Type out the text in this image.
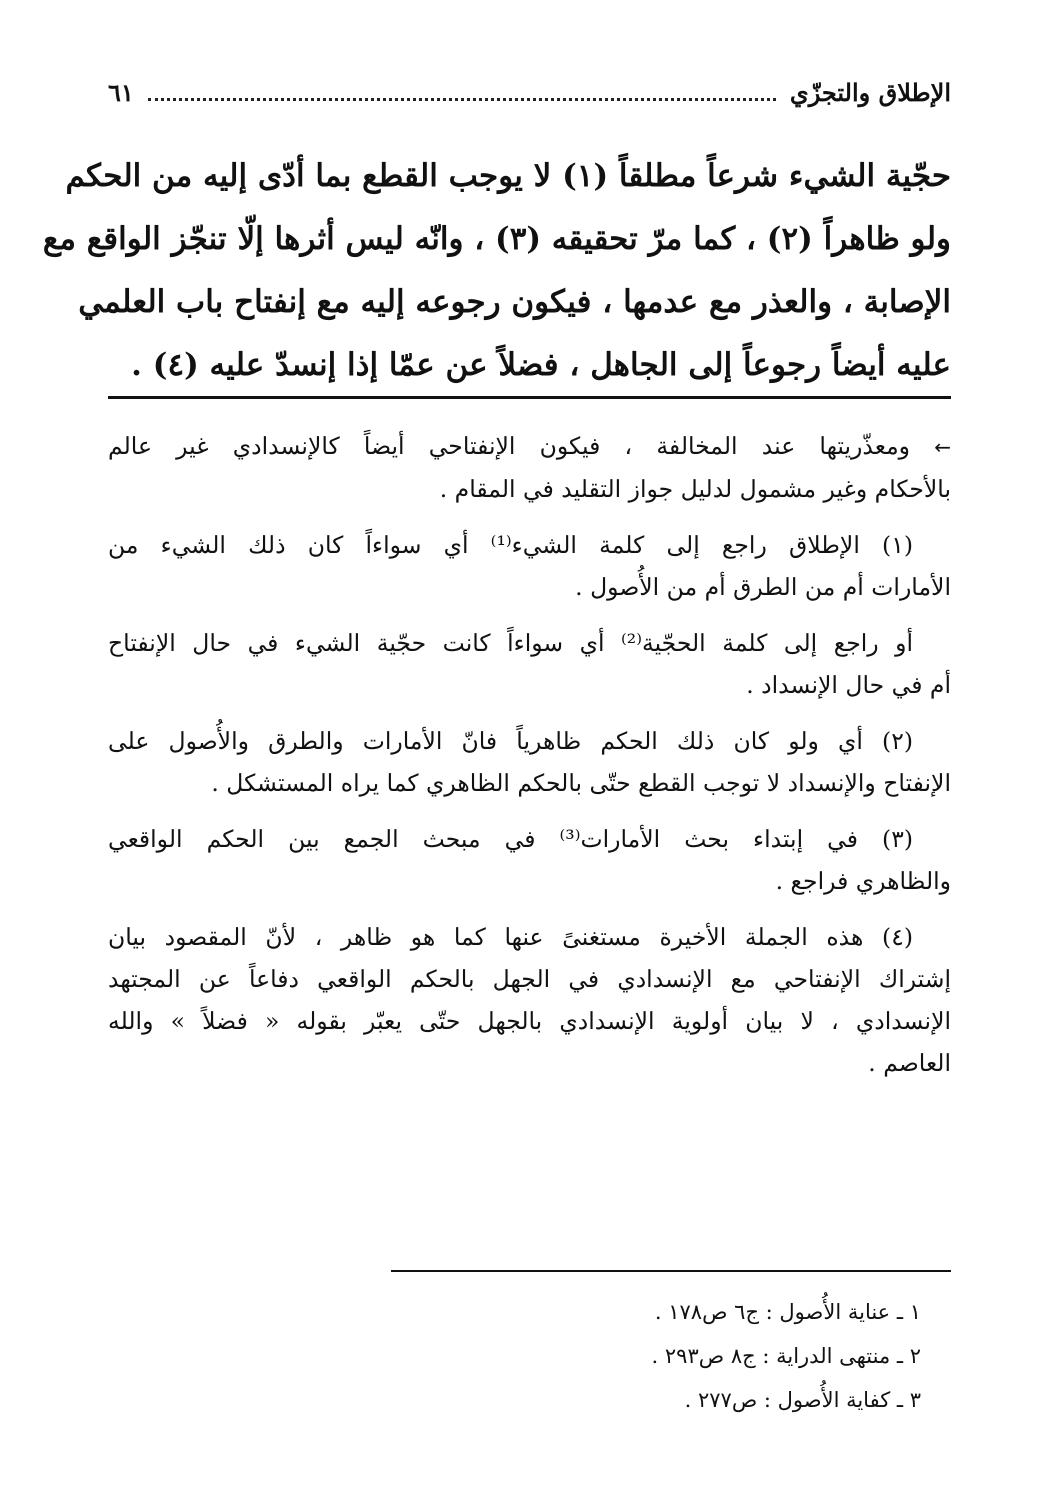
الإطلاق والتجزّي
٦١
حجّية الشيء شرعاً مطلقاً (١) لا يوجب القطع بما أدّى إليه من الحكم
ولو ظاهراً (٢) ، كما مرّ تحقيقه (٣) ، وانّه ليس أثرها إلّا تنجّز الواقع مع
الإصابة ، والعذر مع عدمها ، فيكون رجوعه إليه مع إنفتاح باب العلمي
عليه أيضاً رجوعاً إلى الجاهل ، فضلاً عن عمّا إذا إنسدّ عليه (٤) .

← ومعذّريتها عند المخالفة ، فيكون الإنفتاحي أيضاً كالإنسدادي غير عالم
بالأحكام وغير مشمول لدليل جواز التقليد في المقام .

(١) الإطلاق راجع إلى كلمة الشيء⁽¹⁾ أي سواءاً كان ذلك الشيء من
الأمارات أم من الطرق أم من الأُصول .

أو راجع إلى كلمة الحجّية⁽²⁾ أي سواءاً كانت حجّية الشيء في حال الإنفتاح
أم في حال الإنسداد .

(٢) أي ولو كان ذلك الحكم ظاهرياً فانّ الأمارات والطرق والأُصول على
الإنفتاح والإنسداد لا توجب القطع حتّى بالحكم الظاهري كما يراه المستشكل .

(٣) في إبتداء بحث الأمارات⁽³⁾ في مبحث الجمع بين الحكم الواقعي
والظاهري فراجع .

(٤) هذه الجملة الأخيرة مستغنىً عنها كما هو ظاهر ، لأنّ المقصود بيان
إشتراك الإنفتاحي مع الإنسدادي في الجهل بالحكم الواقعي دفاعاً عن المجتهد
الإنسدادي ، لا بيان أولوية الإنسدادي بالجهل حتّى يعبّر بقوله « فضلاً » والله
العاصم .

١ ـ عناية الأُصول : ج٦ ص١٧٨ .
٢ ـ منتهى الدراية : ج٨ ص٢٩٣ .
٣ ـ كفاية الأُصول : ص٢٧٧ .
